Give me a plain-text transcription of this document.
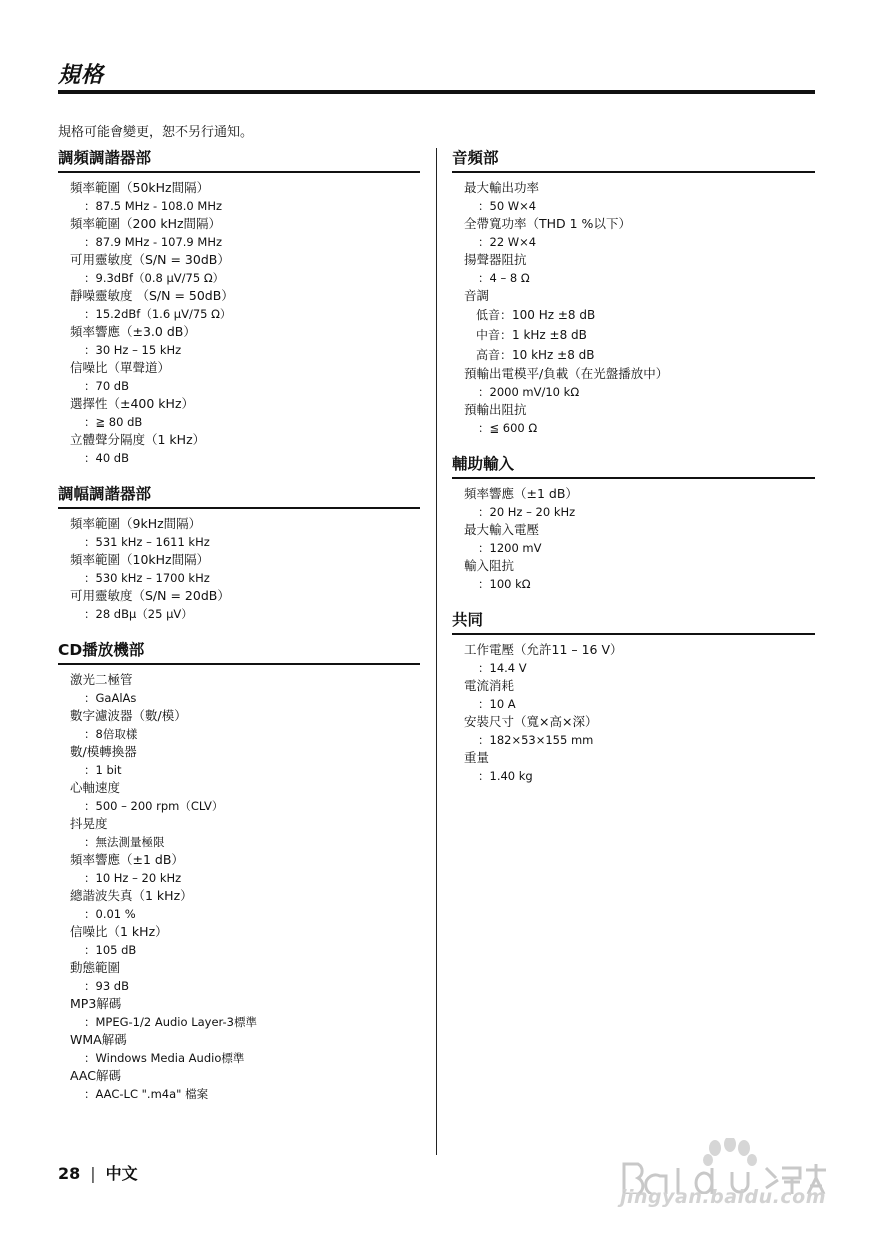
規格
規格可能會變更，恕不另行通知。
調頻調諧器部
頻率範圍（50kHz間隔）
：87.5 MHz - 108.0 MHz
頻率範圍（200 kHz間隔）
：87.9 MHz - 107.9 MHz
可用靈敏度（S/N = 30dB）
：9.3dBf（0.8 μV/75 Ω）
靜噪靈敏度 （S/N = 50dB）
：15.2dBf（1.6 μV/75 Ω）
頻率響應（±3.0 dB）
：30 Hz – 15 kHz
信噪比（單聲道）
：70 dB
選擇性（±400 kHz）
：≧ 80 dB
立體聲分隔度（1 kHz）
：40 dB
調幅調諧器部
頻率範圍（9kHz間隔）
：531 kHz – 1611 kHz
頻率範圍（10kHz間隔）
：530 kHz – 1700 kHz
可用靈敏度（S/N = 20dB）
：28 dBμ（25 μV）
CD播放機部
激光二極管
：GaAlAs
數字濾波器（數/模）
：8倍取樣
數/模轉換器
：1 bit
心軸速度
：500 – 200 rpm（CLV）
抖晃度
：無法測量極限
頻率響應（±1 dB）
：10 Hz – 20 kHz
總諧波失真（1 kHz）
：0.01 %
信噪比（1 kHz）
：105 dB
動態範圍
：93 dB
MP3解碼
：MPEG-1/2 Audio Layer-3標準
WMA解碼
：Windows Media Audio標準
AAC解碼
：AAC-LC ".m4a" 檔案
音頻部
最大輸出功率
：50 W×4
全帶寬功率（THD 1 %以下）
：22 W×4
揚聲器阻抗
：4 – 8 Ω
音調
低音：100 Hz ±8 dB
中音：1 kHz ±8 dB
高音：10 kHz ±8 dB
預輸出電模平/負載（在光盤播放中）
：2000 mV/10 kΩ
預輸出阻抗
：≦ 600 Ω
輔助輸入
頻率響應（±1 dB）
：20 Hz – 20 kHz
最大輸入電壓
：1200 mV
輸入阻抗
：100 kΩ
共同
工作電壓（允許11 – 16 V）
：14.4 V
電流消耗
：10 A
安裝尺寸（寬×高×深）
：182×53×155 mm
重量
：1.40 kg
28 | 中文
jingyan.baidu.com
